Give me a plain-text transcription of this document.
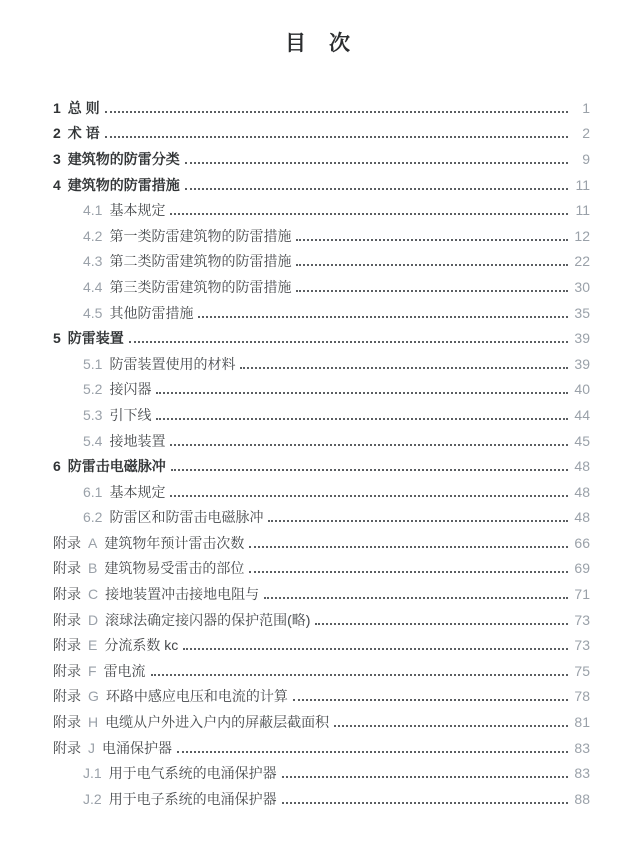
目　次
1 总 则	1
2 术 语	2
3 建筑物的防雷分类	9
4 建筑物的防雷措施	11
4.1 基本规定	11
4.2 第一类防雷建筑物的防雷措施	12
4.3 第二类防雷建筑物的防雷措施	22
4.4 第三类防雷建筑物的防雷措施	30
4.5 其他防雷措施	35
5 防雷装置	39
5.1 防雷装置使用的材料	39
5.2 接闪器	40
5.3 引下线	44
5.4 接地装置	45
6 防雷击电磁脉冲	48
6.1 基本规定	48
6.2 防雷区和防雷击电磁脉冲	48
附录 A 建筑物年预计雷击次数	66
附录 B 建筑物易受雷击的部位	69
附录 C 接地装置冲击接地电阻与	71
附录 D 滚球法确定接闪器的保护范围(略)	73
附录 E 分流系数 kc	73
附录 F 雷电流	75
附录 G 环路中感应电压和电流的计算	78
附录 H 电缆从户外进入户内的屏蔽层截面积	81
附录 J 电涌保护器	83
J.1 用于电气系统的电涌保护器	83
J.2 用于电子系统的电涌保护器	88
